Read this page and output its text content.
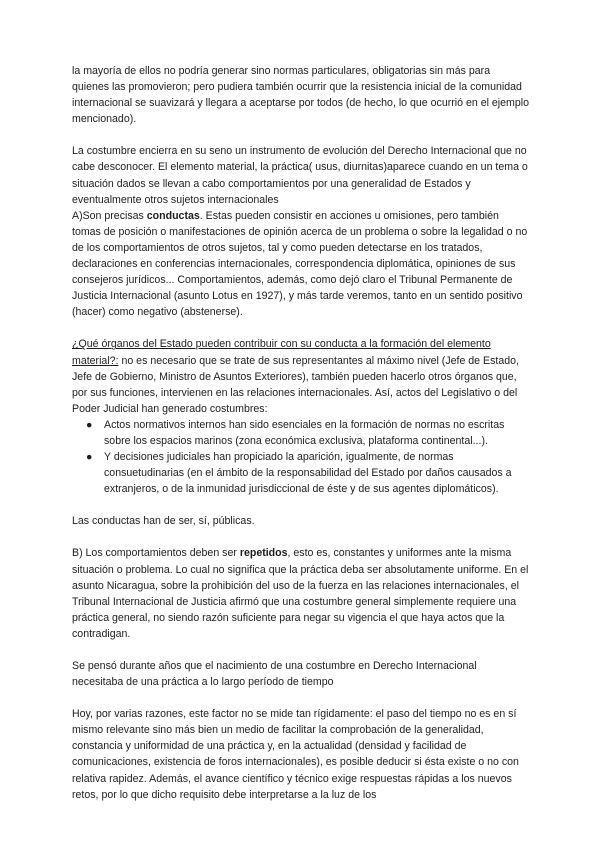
la mayoría de ellos no podría generar sino normas particulares, obligatorias sin más para quienes las promovieron; pero pudiera también ocurrir que la resistencia inicial de la comunidad internacional se suavizará y llegara a aceptarse por todos (de hecho, lo que ocurrió en el ejemplo mencionado).

La costumbre encierra en su seno un instrumento de evolución del Derecho Internacional que no cabe desconocer. El elemento material, la práctica( usus, diurnitas)aparece cuando en un tema o situación dados se llevan a cabo comportamientos por una generalidad de Estados y eventualmente otros sujetos internacionales

A)Son precisas conductas. Estas pueden consistir en acciones u omisiones, pero también tomas de posición o manifestaciones de opinión acerca de un problema o sobre la legalidad o no de los comportamientos de otros sujetos, tal y como pueden detectarse en los tratados, declaraciones en conferencias internacionales, correspondencia diplomática, opiniones de sus consejeros jurídicos... Comportamientos, además, como dejó claro el Tribunal Permanente de Justicia Internacional (asunto Lotus en 1927), y más tarde veremos, tanto en un sentido positivo (hacer) como negativo (abstenerse).

¿Qué órganos del Estado pueden contribuir con su conducta a la formación del elemento material?: no es necesario que se trate de sus representantes al máximo nivel (Jefe de Estado, Jefe de Gobierno, Ministro de Asuntos Exteriores), también pueden hacerlo otros órganos que, por sus funciones, intervienen en las relaciones internacionales. Así, actos del Legislativo o del Poder Judicial han generado costumbres:

● Actos normativos internos han sido esenciales en la formación de normas no escritas sobre los espacios marinos (zona económica exclusiva, plataforma continental...).
● Y decisiones judiciales han propiciado la aparición, igualmente, de normas consuetudinarias (en el ámbito de la responsabilidad del Estado por daños causados a extranjeros, o de la inmunidad jurisdiccional de éste y de sus agentes diplomáticos).

Las conductas han de ser, sí, públicas.

B) Los comportamientos deben ser repetidos, esto es, constantes y uniformes ante la misma situación o problema. Lo cual no significa que la práctica deba ser absolutamente uniforme. En el asunto Nicaragua, sobre la prohibición del uso de la fuerza en las relaciones internacionales, el Tribunal Internacional de Justicia afirmó que una costumbre general simplemente requiere una práctica general, no siendo razón suficiente para negar su vigencia el que haya actos que la contradigan.

Se pensó durante años que el nacimiento de una costumbre en Derecho Internacional necesitaba de una práctica a lo largo período de tiempo

Hoy, por varias razones, este factor no se mide tan rígidamente: el paso del tiempo no es en sí mismo relevante sino más bien un medio de facilitar la comprobación de la generalidad, constancia y uniformidad de una práctica y, en la actualidad (densidad y facilidad de comunicaciones, existencia de foros internacionales), es posible deducir si ésta existe o no con relativa rapidez. Además, el avance científico y técnico exige respuestas rápidas a los nuevos retos, por lo que dicho requisito debe interpretarse a la luz de los
